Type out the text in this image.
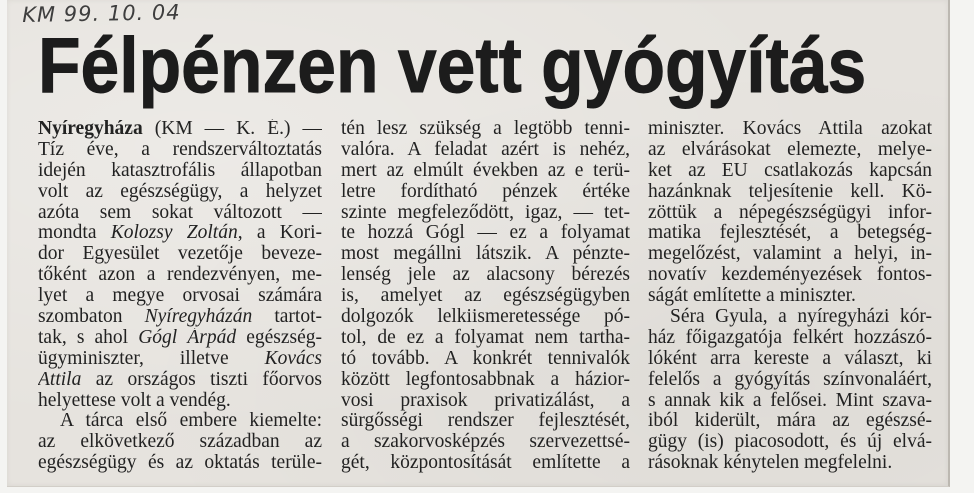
KM 99. 10. 04
Félpénzen vett gyógyítás
Nyíregyháza (KM — K. É.) —
Tíz éve, a rendszerváltoztatás
idején katasztrofális állapotban
volt az egészségügy, a helyzet
azóta sem sokat változott —
mondta Kolozsy Zoltán, a Kori-
dor Egyesület vezetője beveze-
tőként azon a rendezvényen, me-
lyet a megye orvosai számára
szombaton Nyíregyházán tartot-
tak, s ahol Gógl Árpád egészség-
ügyminiszter, illetve Kovács
Attila az országos tiszti főorvos
helyettese volt a vendég.
A tárca első embere kiemelte:
az elkövetkező században az
egészségügy és az oktatás terüle-
tén lesz szükség a legtöbb tenni-
valóra. A feladat azért is nehéz,
mert az elmúlt években az e terü-
letre fordítható pénzek értéke
szinte megfeleződött, igaz, — tet-
te hozzá Gógl — ez a folyamat
most megállni látszik. A pénzte-
lenség jele az alacsony bérezés
is, amelyet az egészségügyben
dolgozók lelkiismeretessége pó-
tol, de ez a folyamat nem tartha-
tó tovább. A konkrét tennivalók
között legfontosabbnak a házior-
vosi praxisok privatizálást, a
sürgősségi rendszer fejlesztését,
a szakorvosképzés szervezettsé-
gét, központosítását említette a
miniszter. Kovács Attila azokat
az elvárásokat elemezte, melye-
ket az EU csatlakozás kapcsán
hazánknak teljesítenie kell. Kö-
zöttük a népegészségügyi infor-
matika fejlesztését, a betegség-
megelőzést, valamint a helyi, in-
novatív kezdeményezések fontos-
ságát említette a miniszter.
Séra Gyula, a nyíregyházi kór-
ház főigazgatója felkért hozzászó-
lóként arra kereste a választ, ki
felelős a gyógyítás színvonaláért,
s annak kik a felősei. Mint szava-
iból kiderült, mára az egészsé-
gügy (is) piacosodott, és új elvá-
rásoknak kénytelen megfelelni.
